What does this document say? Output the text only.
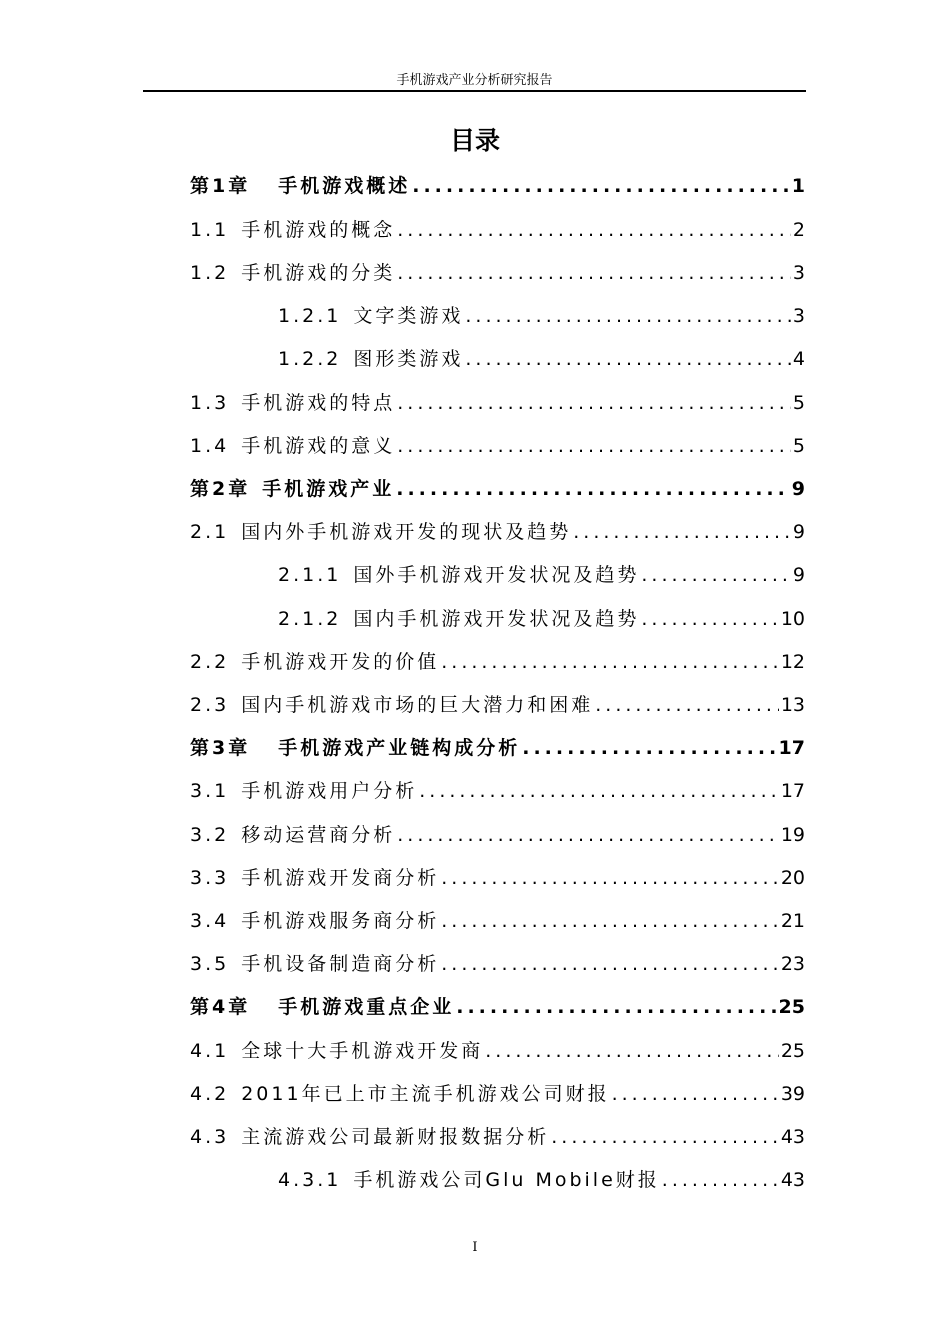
手机游戏产业分析研究报告
目录
第1章 手机游戏概述 .....	1
1.1 手机游戏的概念 .....	2
1.2 手机游戏的分类 .....	3
1.2.1 文字类游戏 .....	3
1.2.2 图形类游戏 .....	4
1.3 手机游戏的特点 .....	5
1.4 手机游戏的意义 .....	5
第2章 手机游戏产业 .....	9
2.1 国内外手机游戏开发的现状及趋势 .....	9
2.1.1 国外手机游戏开发状况及趋势 .....	9
2.1.2 国内手机游戏开发状况及趋势 .....	10
2.2 手机游戏开发的价值 .....	12
2.3 国内手机游戏市场的巨大潜力和困难 .....	13
第3章 手机游戏产业链构成分析 .....	17
3.1 手机游戏用户分析 .....	17
3.2 移动运营商分析 .....	19
3.3 手机游戏开发商分析 .....	20
3.4 手机游戏服务商分析 .....	21
3.5 手机设备制造商分析 .....	23
第4章 手机游戏重点企业 .....	25
4.1 全球十大手机游戏开发商 .....	25
4.2 2011年已上市主流手机游戏公司财报 .....	39
4.3 主流游戏公司最新财报数据分析 .....	43
4.3.1 手机游戏公司Glu Mobile财报 .....	43
I
